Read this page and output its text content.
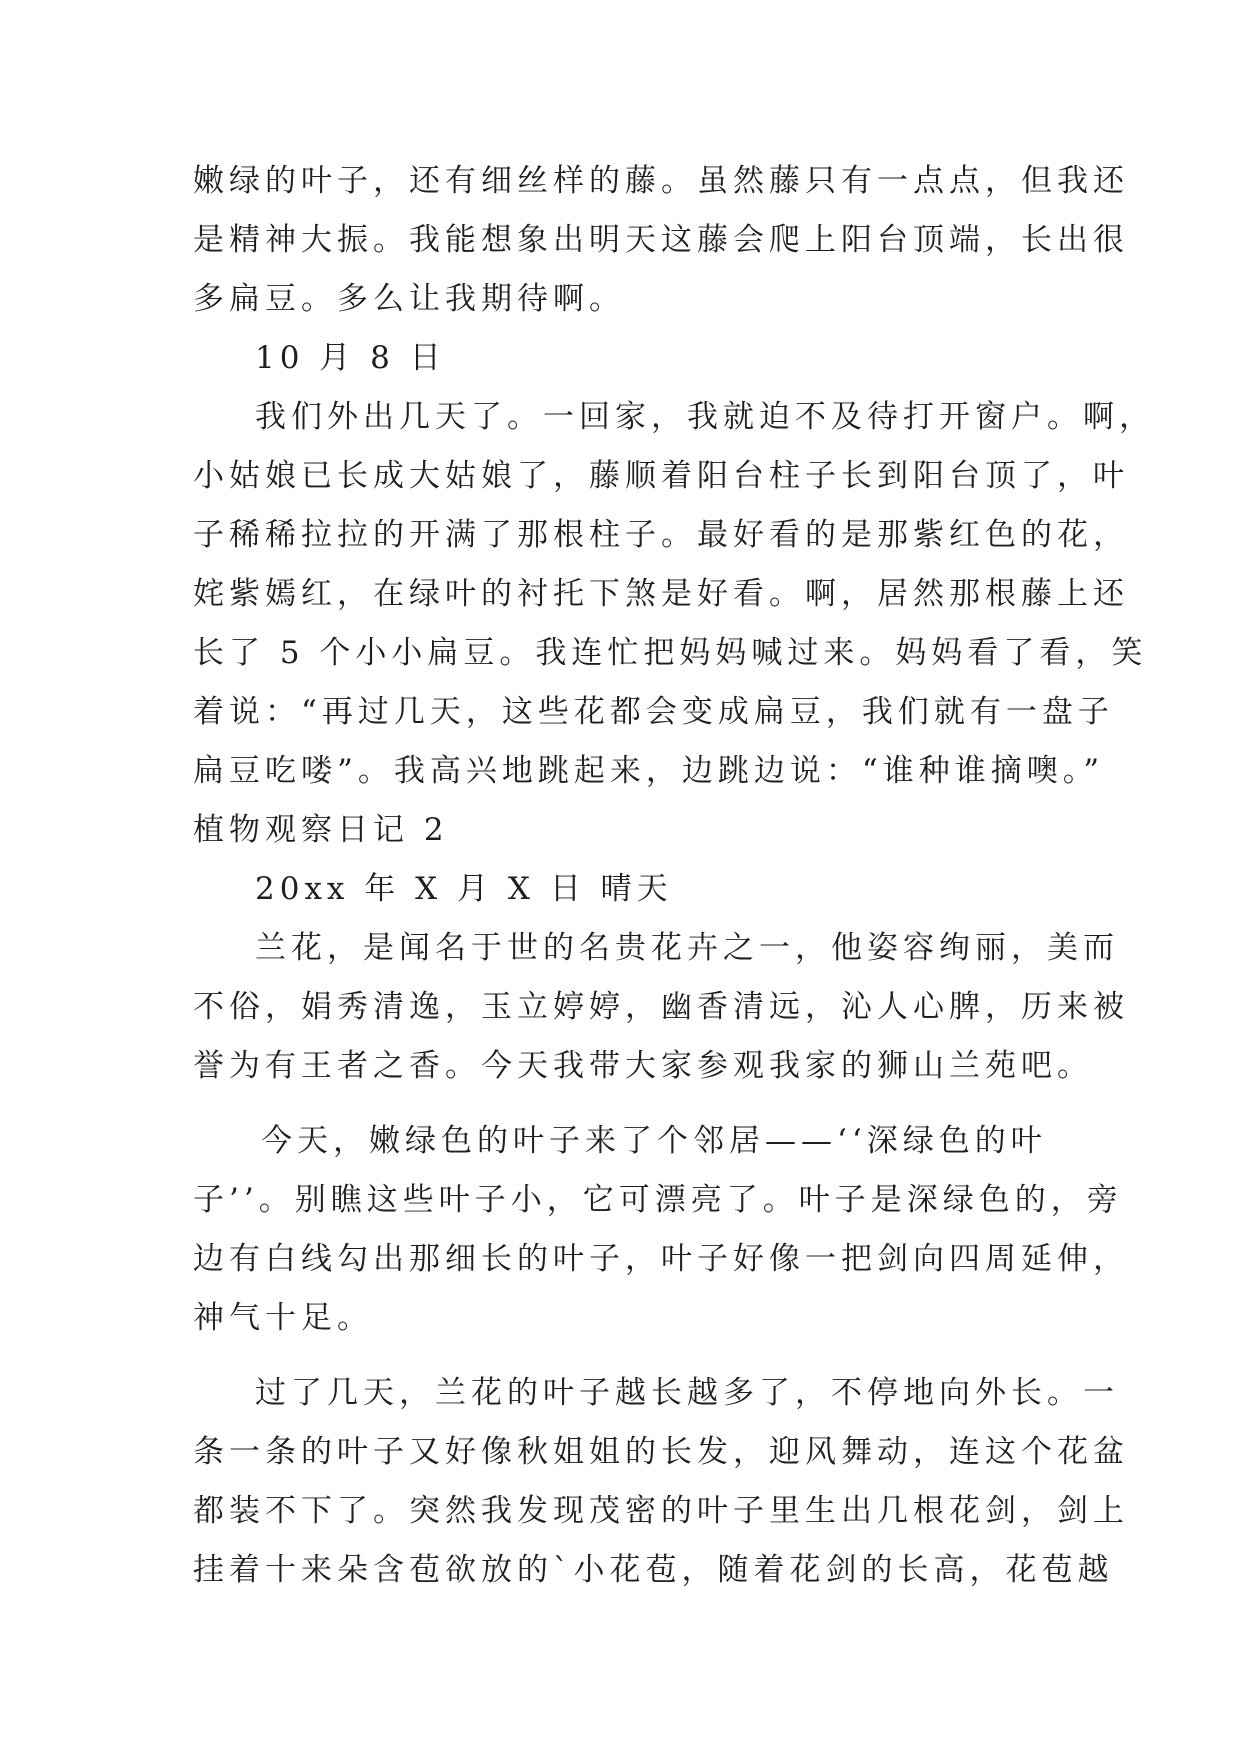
嫩绿的叶子，还有细丝样的藤。虽然藤只有一点点，但我还
是精神大振。我能想象出明天这藤会爬上阳台顶端，长出很
多扁豆。多么让我期待啊。
10 月 8 日
我们外出几天了。一回家，我就迫不及待打开窗户。啊，
小姑娘已长成大姑娘了，藤顺着阳台柱子长到阳台顶了，叶
子稀稀拉拉的开满了那根柱子。最好看的是那紫红色的花，
姹紫嫣红，在绿叶的衬托下煞是好看。啊，居然那根藤上还
长了 5 个小小扁豆。我连忙把妈妈喊过来。妈妈看了看，笑
着说：“再过几天，这些花都会变成扁豆，我们就有一盘子
扁豆吃喽”。我高兴地跳起来，边跳边说：“谁种谁摘噢。”
植物观察日记 2
20xx 年 X 月 X 日 晴天
兰花，是闻名于世的名贵花卉之一，他姿容绚丽，美而
不俗，娟秀清逸，玉立婷婷，幽香清远，沁人心脾，历来被
誉为有王者之香。今天我带大家参观我家的狮山兰苑吧。
今天，嫩绿色的叶子来了个邻居——‘‘深绿色的叶
子’’。别瞧这些叶子小，它可漂亮了。叶子是深绿色的，旁
边有白线勾出那细长的叶子，叶子好像一把剑向四周延伸，
神气十足。
过了几天，兰花的叶子越长越多了，不停地向外长。一
条一条的叶子又好像秋姐姐的长发，迎风舞动，连这个花盆
都装不下了。突然我发现茂密的叶子里生出几根花剑，剑上
挂着十来朵含苞欲放的`小花苞，随着花剑的长高，花苞越
